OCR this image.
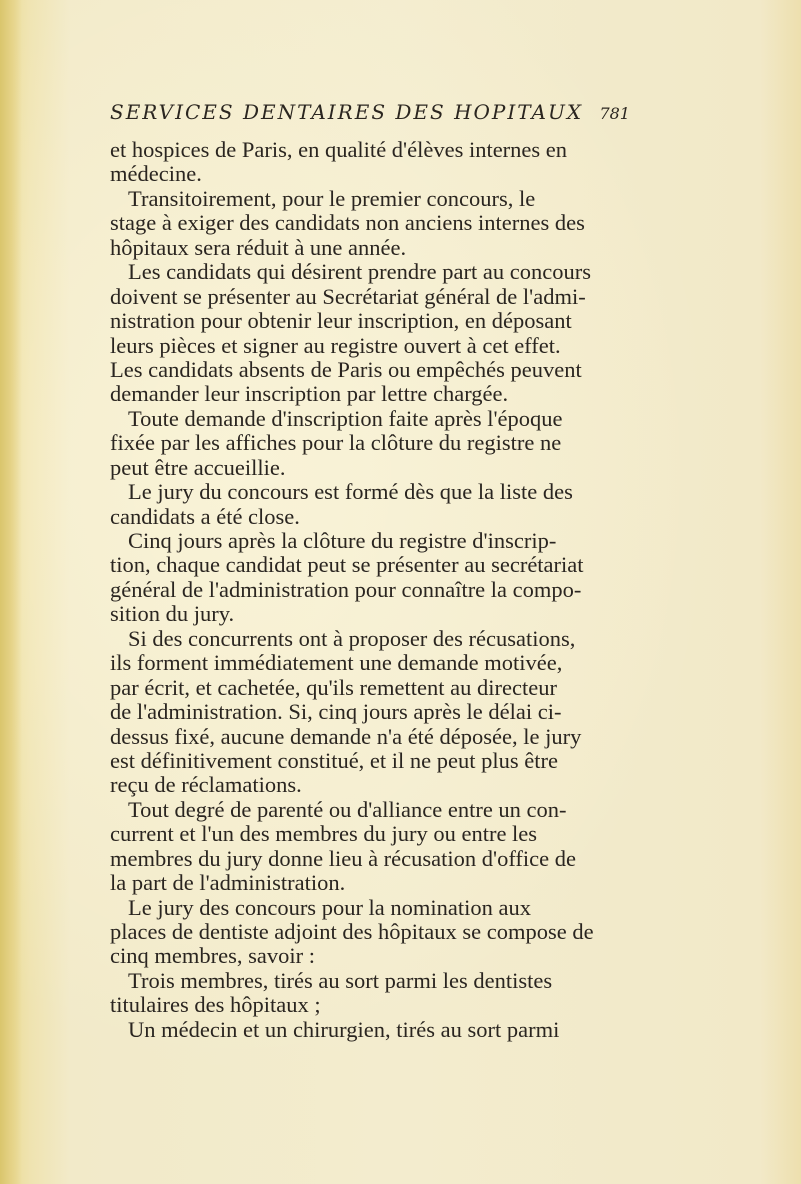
SERVICES DENTAIRES DES HOPITAUX 781
et hospices de Paris, en qualité d'élèves internes en
médecine.
Transitoirement, pour le premier concours, le
stage à exiger des candidats non anciens internes des
hôpitaux sera réduit à une année.
Les candidats qui désirent prendre part au concours
doivent se présenter au Secrétariat général de l'admi-
nistration pour obtenir leur inscription, en déposant
leurs pièces et signer au registre ouvert à cet effet.
Les candidats absents de Paris ou empêchés peuvent
demander leur inscription par lettre chargée.
Toute demande d'inscription faite après l'époque
fixée par les affiches pour la clôture du registre ne
peut être accueillie.
Le jury du concours est formé dès que la liste des
candidats a été close.
Cinq jours après la clôture du registre d'inscrip-
tion, chaque candidat peut se présenter au secrétariat
général de l'administration pour connaître la compo-
sition du jury.
Si des concurrents ont à proposer des récusations,
ils forment immédiatement une demande motivée,
par écrit, et cachetée, qu'ils remettent au directeur
de l'administration. Si, cinq jours après le délai ci-
dessus fixé, aucune demande n'a été déposée, le jury
est définitivement constitué, et il ne peut plus être
reçu de réclamations.
Tout degré de parenté ou d'alliance entre un con-
current et l'un des membres du jury ou entre les
membres du jury donne lieu à récusation d'office de
la part de l'administration.
Le jury des concours pour la nomination aux
places de dentiste adjoint des hôpitaux se compose de
cinq membres, savoir :
Trois membres, tirés au sort parmi les dentistes
titulaires des hôpitaux ;
Un médecin et un chirurgien, tirés au sort parmi
